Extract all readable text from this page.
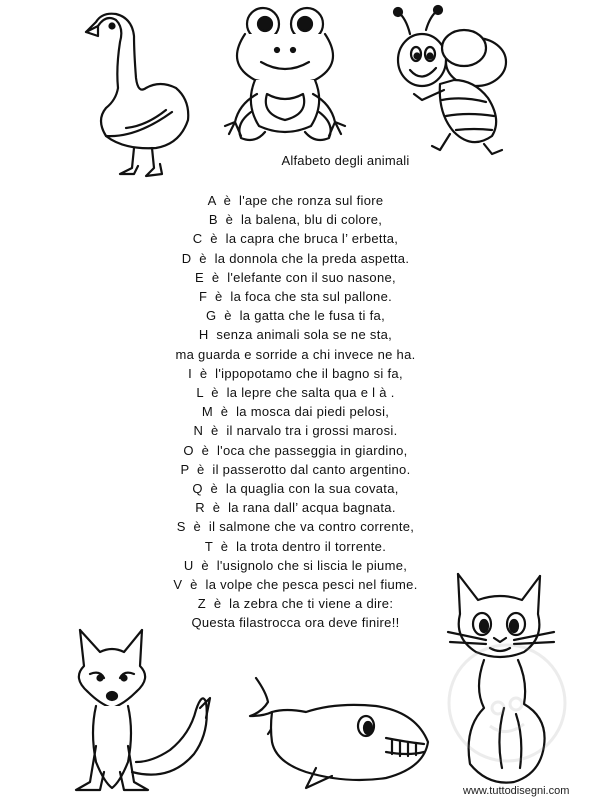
Alfabeto degli animali
A  è  l'ape che ronza sul fiore
B  è  la balena, blu di colore,
C  è  la capra che bruca l’ erbetta,
D  è  la donnola che la preda aspetta.
E  è  l'elefante con il suo nasone,
F  è  la foca che sta sul pallone.
G  è  la gatta che le fusa ti fa,
H  senza animali sola se ne sta,
ma guarda e sorride a chi invece ne ha.
I  è  l'ippopotamo che il bagno si fa,
L  è  la lepre che salta qua e l à .
M  è  la mosca dai piedi pelosi,
N  è  il narvalo tra i grossi marosi.
O  è  l'oca che passeggia in giardino,
P  è  il passerotto dal canto argentino.
Q  è  la quaglia con la sua covata,
R  è  la rana dall’ acqua bagnata.
S  è  il salmone che va contro corrente,
T  è  la trota dentro il torrente.
U  è  l'usignolo che si liscia le piume,
V  è  la volpe che pesca pesci nel fiume.
Z  è  la zebra che ti viene a dire:
Questa filastrocca ora deve finire!!
www.tuttodisegni.com
